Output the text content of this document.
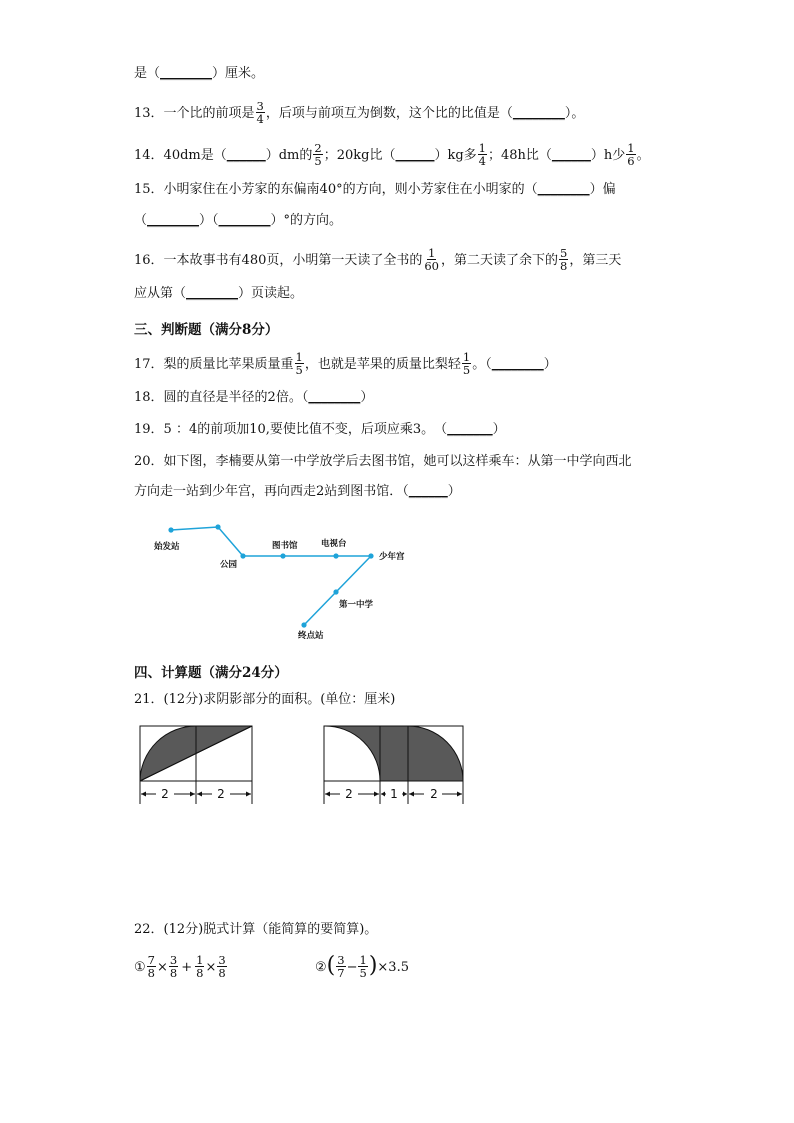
是（________）厘米。
13．一个比的前项是 $\frac{3}{4}$ ，后项与前项互为倒数，这个比的比值是（________）。
14．40dm是（______）dm的 $\frac{2}{5}$ ；20kg比（______）kg多 $\frac{1}{4}$ ；48h比（______）h少 $\frac{1}{6}$ 。
15．小明家住在小芳家的东偏南40°的方向，则小芳家住在小明家的（________）偏
（________）（________）°的方向。
16．一本故事书有480页，小明第一天读了全书的 $\frac{1}{60}$ ，第二天读了余下的 $\frac{5}{8}$ ，第三天
应从第（________）页读起。
三、判断题（满分8分）
17．梨的质量比苹果质量重 $\frac{1}{5}$ ，也就是苹果的质量比梨轻 $\frac{1}{5}$ 。（________）
18．圆的直径是半径的2倍。（________）
19．5 ：4的前项加10,要使比值不变，后项应乘3。　（_______）
20．如下图，李楠要从第一中学放学后去图书馆，她可以这样乘车：从第一中学向西北
方向走一站到少年宫，再向西走2站到图书馆．（______）
始发站
公园
图书馆	电视台
少年宫
第一中学
终点站
四、计算题（满分24分）
21．(12分)求阴影部分的面积。(单位：厘米)
2	2	2	1	2
22．(12分)脱式计算（能简算的要简算)。
① $\frac{7}{8} \times \frac{3}{8} + \frac{1}{8} \times \frac{3}{8}$	②( $\frac{3}{7} - \frac{1}{5} )\times 3.5$
